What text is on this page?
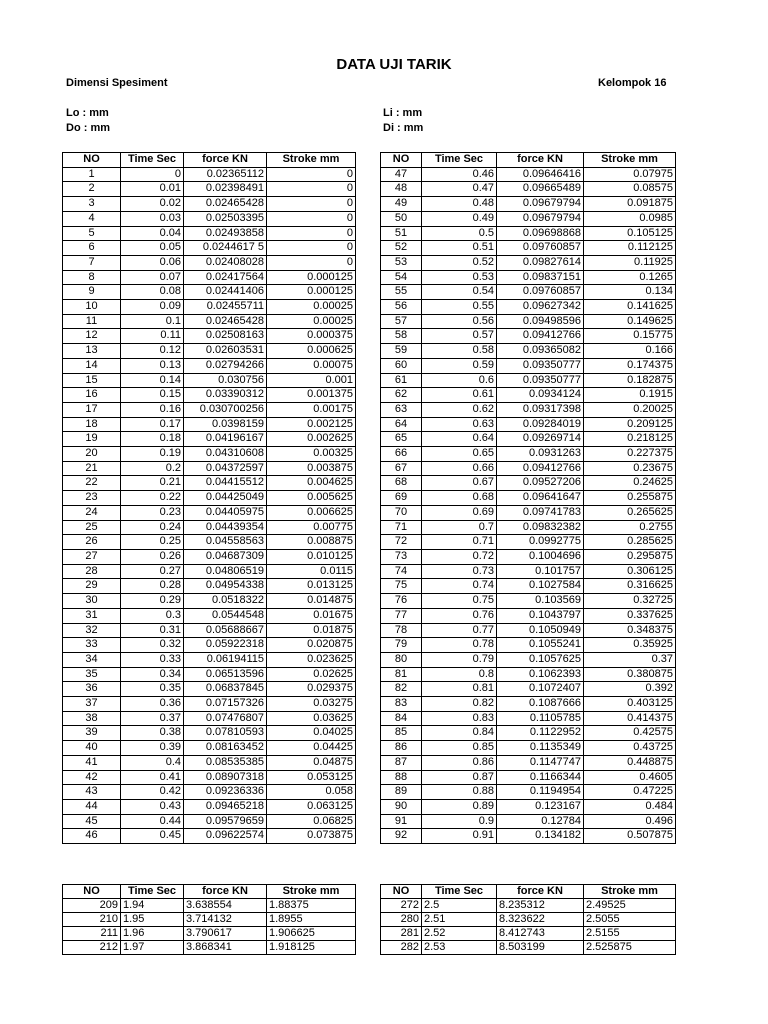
DATA UJI TARIK
Dimensi Spesiment	Kelompok 16
Lo : mm
Do : mm
Li : mm
Di : mm
NO	Time Sec	force KN	Stroke mm
1	0	0.02365112	0
2	0.01	0.02398491	0
3	0.02	0.02465428	0
4	0.03	0.02503395	0
5	0.04	0.02493858	0
6	0.05	0.0244617 5	0
7	0.06	0.02408028	0
8	0.07	0.02417564	0.000125
9	0.08	0.02441406	0.000125
10	0.09	0.02455711	0.00025
11	0.1	0.02465428	0.00025
12	0.11	0.02508163	0.000375
13	0.12	0.02603531	0.000625
14	0.13	0.02794266	0.00075
15	0.14	0.030756	0.001
16	0.15	0.03390312	0.001375
17	0.16	0.030700256	0.00175
18	0.17	0.0398159	0.002125
19	0.18	0.04196167	0.002625
20	0.19	0.04310608	0.00325
21	0.2	0.04372597	0.003875
22	0.21	0.04415512	0.004625
23	0.22	0.04425049	0.005625
24	0.23	0.04405975	0.006625
25	0.24	0.04439354	0.00775
26	0.25	0.04558563	0.008875
27	0.26	0.04687309	0.010125
28	0.27	0.04806519	0.0115
29	0.28	0.04954338	0.013125
30	0.29	0.0518322	0.014875
31	0.3	0.0544548	0.01675
32	0.31	0.05688667	0.01875
33	0.32	0.05922318	0.020875
34	0.33	0.06194115	0.023625
35	0.34	0.06513596	0.02625
36	0.35	0.06837845	0.029375
37	0.36	0.07157326	0.03275
38	0.37	0.07476807	0.03625
39	0.38	0.07810593	0.04025
40	0.39	0.08163452	0.04425
41	0.4	0.08535385	0.04875
42	0.41	0.08907318	0.053125
43	0.42	0.09236336	0.058
44	0.43	0.09465218	0.063125
45	0.44	0.09579659	0.06825
46	0.45	0.09622574	0.073875
NO	Time Sec	force KN	Stroke mm
47	0.46	0.09646416	0.07975
48	0.47	0.09665489	0.08575
49	0.48	0.09679794	0.091875
50	0.49	0.09679794	0.0985
51	0.5	0.09698868	0.105125
52	0.51	0.09760857	0.112125
53	0.52	0.09827614	0.11925
54	0.53	0.09837151	0.1265
55	0.54	0.09760857	0.134
56	0.55	0.09627342	0.141625
57	0.56	0.09498596	0.149625
58	0.57	0.09412766	0.15775
59	0.58	0.09365082	0.166
60	0.59	0.09350777	0.174375
61	0.6	0.09350777	0.182875
62	0.61	0.0934124	0.1915
63	0.62	0.09317398	0.20025
64	0.63	0.09284019	0.209125
65	0.64	0.09269714	0.218125
66	0.65	0.0931263	0.227375
67	0.66	0.09412766	0.23675
68	0.67	0.09527206	0.24625
69	0.68	0.09641647	0.255875
70	0.69	0.09741783	0.265625
71	0.7	0.09832382	0.2755
72	0.71	0.0992775	0.285625
73	0.72	0.1004696	0.295875
74	0.73	0.101757	0.306125
75	0.74	0.1027584	0.316625
76	0.75	0.103569	0.32725
77	0.76	0.1043797	0.337625
78	0.77	0.1050949	0.348375
79	0.78	0.1055241	0.35925
80	0.79	0.1057625	0.37
81	0.8	0.1062393	0.380875
82	0.81	0.1072407	0.392
83	0.82	0.1087666	0.403125
84	0.83	0.1105785	0.414375
85	0.84	0.1122952	0.42575
86	0.85	0.1135349	0.43725
87	0.86	0.1147747	0.448875
88	0.87	0.1166344	0.4605
89	0.88	0.1194954	0.47225
90	0.89	0.123167	0.484
91	0.9	0.12784	0.496
92	0.91	0.134182	0.507875
NO	Time Sec	force KN	Stroke mm
209	1.94	3.638554	1.88375
210	1.95	3.714132	1.8955
211	1.96	3.790617	1.906625
212	1.97	3.868341	1.918125
NO	Time Sec	force KN	Stroke mm
272	2.5	8.235312	2.49525
280	2.51	8.323622	2.5055
281	2.52	8.412743	2.5155
282	2.53	8.503199	2.525875
